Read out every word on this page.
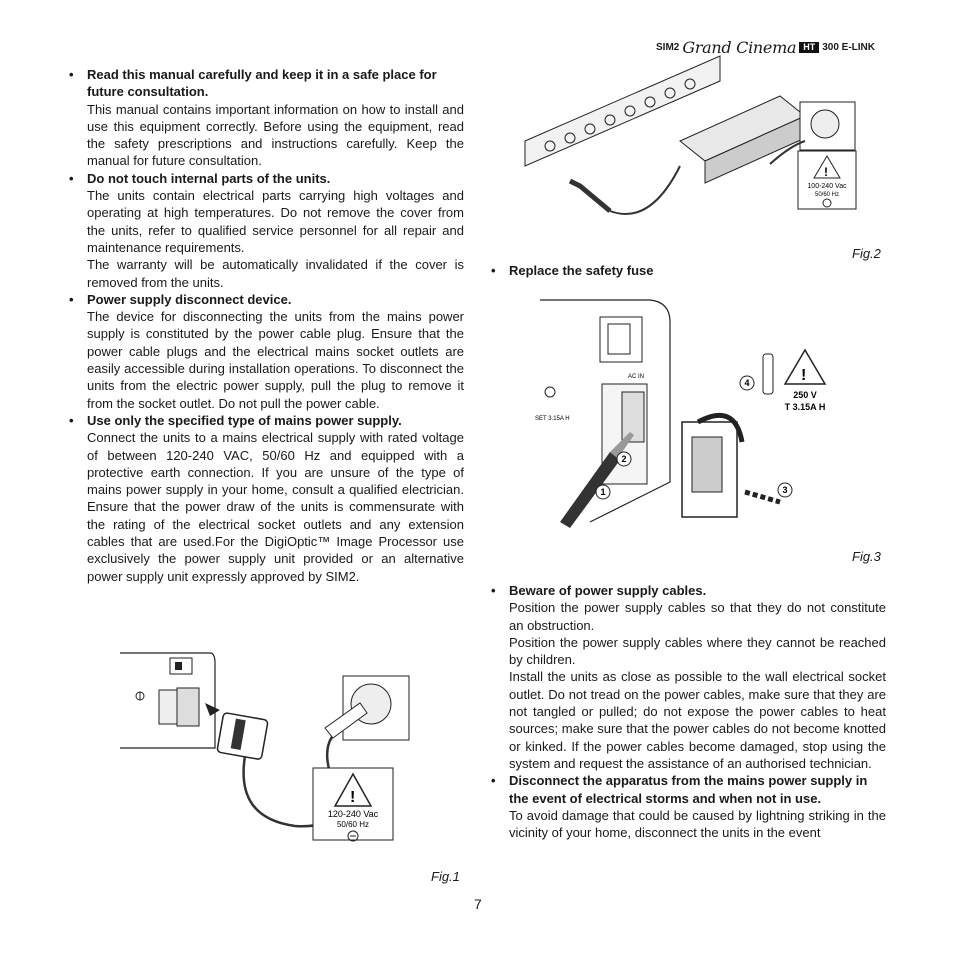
SIM2 Grand Cinema HT 300 E-LINK
• Read this manual carefully and keep it in a safe place for future consultation.
This manual contains important information on how to install and use this equipment correctly. Before using the equipment, read the safety prescriptions and instructions carefully. Keep the manual for future consultation.
• Do not touch internal parts of the units.
The units contain electrical parts carrying high voltages and operating at high temperatures. Do not remove the cover from the units, refer to qualified service personnel for all repair and maintenance requirements.
The warranty will be automatically invalidated if the cover is removed from the units.
• Power supply disconnect device.
The device for disconnecting the units from the mains power supply is constituted by the power cable plug. Ensure that the power cable plugs and the electrical mains socket outlets are easily accessible during installation operations. To disconnect the units from the electric power supply, pull the plug to remove it from the socket outlet. Do not pull the power cable.
• Use only the specified type of mains power supply.
Connect the units to a mains electrical supply with rated voltage of between 120-240 VAC, 50/60 Hz and equipped with a protective earth connection. If you are unsure of the type of mains power supply in your home, consult a qualified electrician. Ensure that the power draw of the units is commensurate with the rating of the electrical socket outlets and any extension cables that are used.For the DigiOptic™ Image Processor use exclusively the power supply unit provided or an alternative power supply unit expressly approved by SIM2.
• Replace the safety fuse
• Beware of power supply cables.
Position the power supply cables so that they do not constitute an obstruction.
Position the power supply cables where they cannot be reached by children.
Install the units as close as possible to the wall electrical socket outlet. Do not tread on the power cables, make sure that they are not tangled or pulled; do not expose the power cables to heat sources; make sure that the power cables do not become knotted or kinked. If the power cables become damaged, stop using the system and request the assistance of an authorised technician.
• Disconnect the apparatus from the mains power supply in the event of electrical storms and when not in use.
To avoid damage that could be caused by lightning striking in the vicinity of your home, disconnect the units in the event
!
120-240 Vac
50/60 Hz
Fig.1
!
100-240 Vac
50/60 Hz
Fig.2
SET 3.15A H
AC IN	!
250 V
T 3.15A H
1
2
3
4
Fig.3
7
